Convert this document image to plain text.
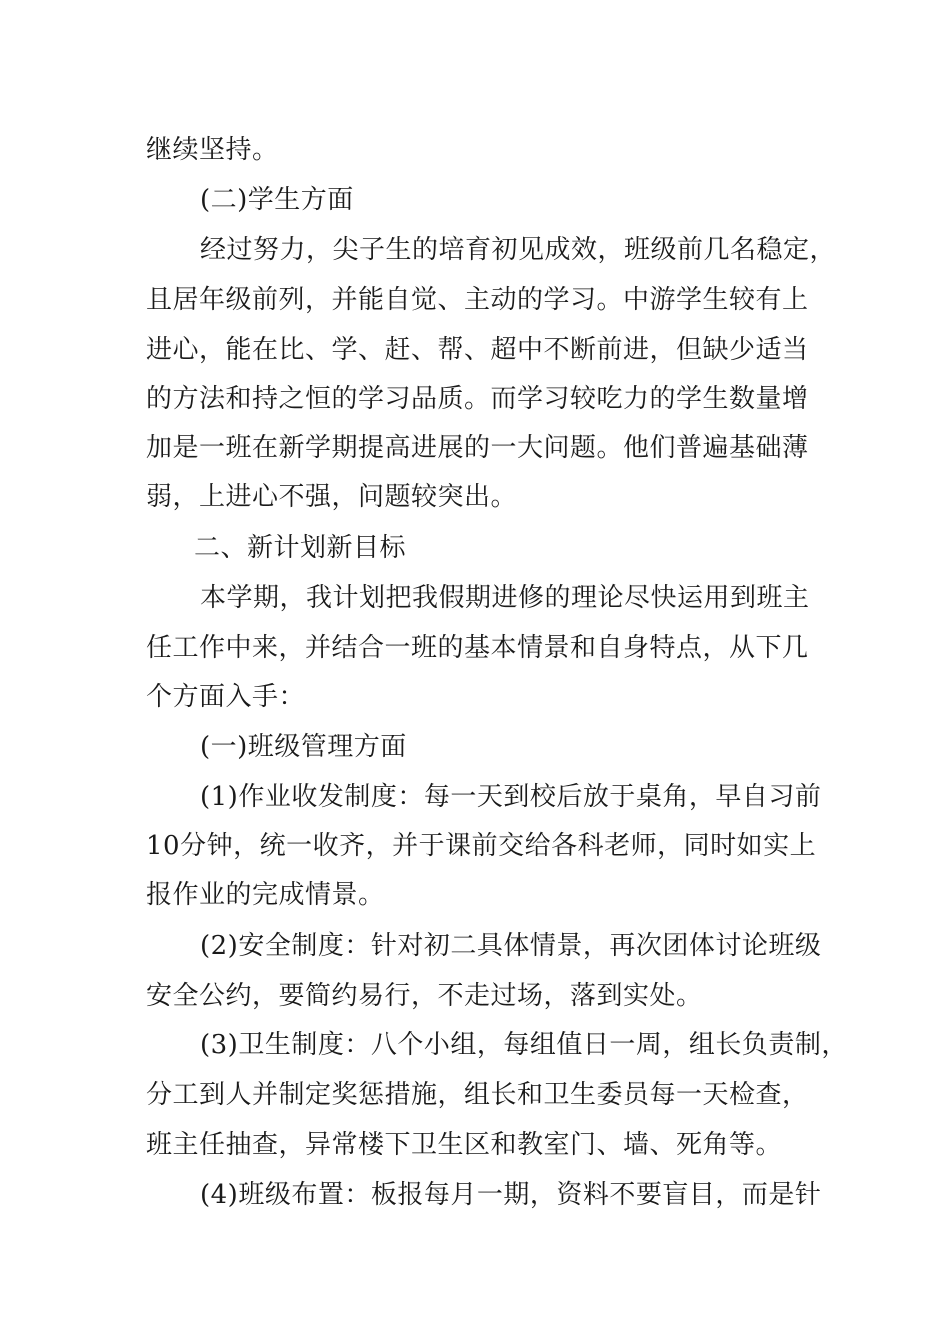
继续坚持。
(二)学生方面
经过努力，尖子生的培育初见成效，班级前几名稳定，
且居年级前列，并能自觉、主动的学习。中游学生较有上
进心，能在比、学、赶、帮、超中不断前进，但缺少适当
的方法和持之恒的学习品质。而学习较吃力的学生数量增
加是一班在新学期提高进展的一大问题。他们普遍基础薄
弱，上进心不强，问题较突出。
二、新计划新目标
本学期，我计划把我假期进修的理论尽快运用到班主
任工作中来，并结合一班的基本情景和自身特点，从下几
个方面入手：
(一)班级管理方面
(1)作业收发制度：每一天到校后放于桌角，早自习前
10分钟，统一收齐，并于课前交给各科老师，同时如实上
报作业的完成情景。
(2)安全制度：针对初二具体情景，再次团体讨论班级
安全公约，要简约易行，不走过场，落到实处。
(3)卫生制度：八个小组，每组值日一周，组长负责制，
分工到人并制定奖惩措施，组长和卫生委员每一天检查，
班主任抽查，异常楼下卫生区和教室门、墙、死角等。
(4)班级布置：板报每月一期，资料不要盲目，而是针
